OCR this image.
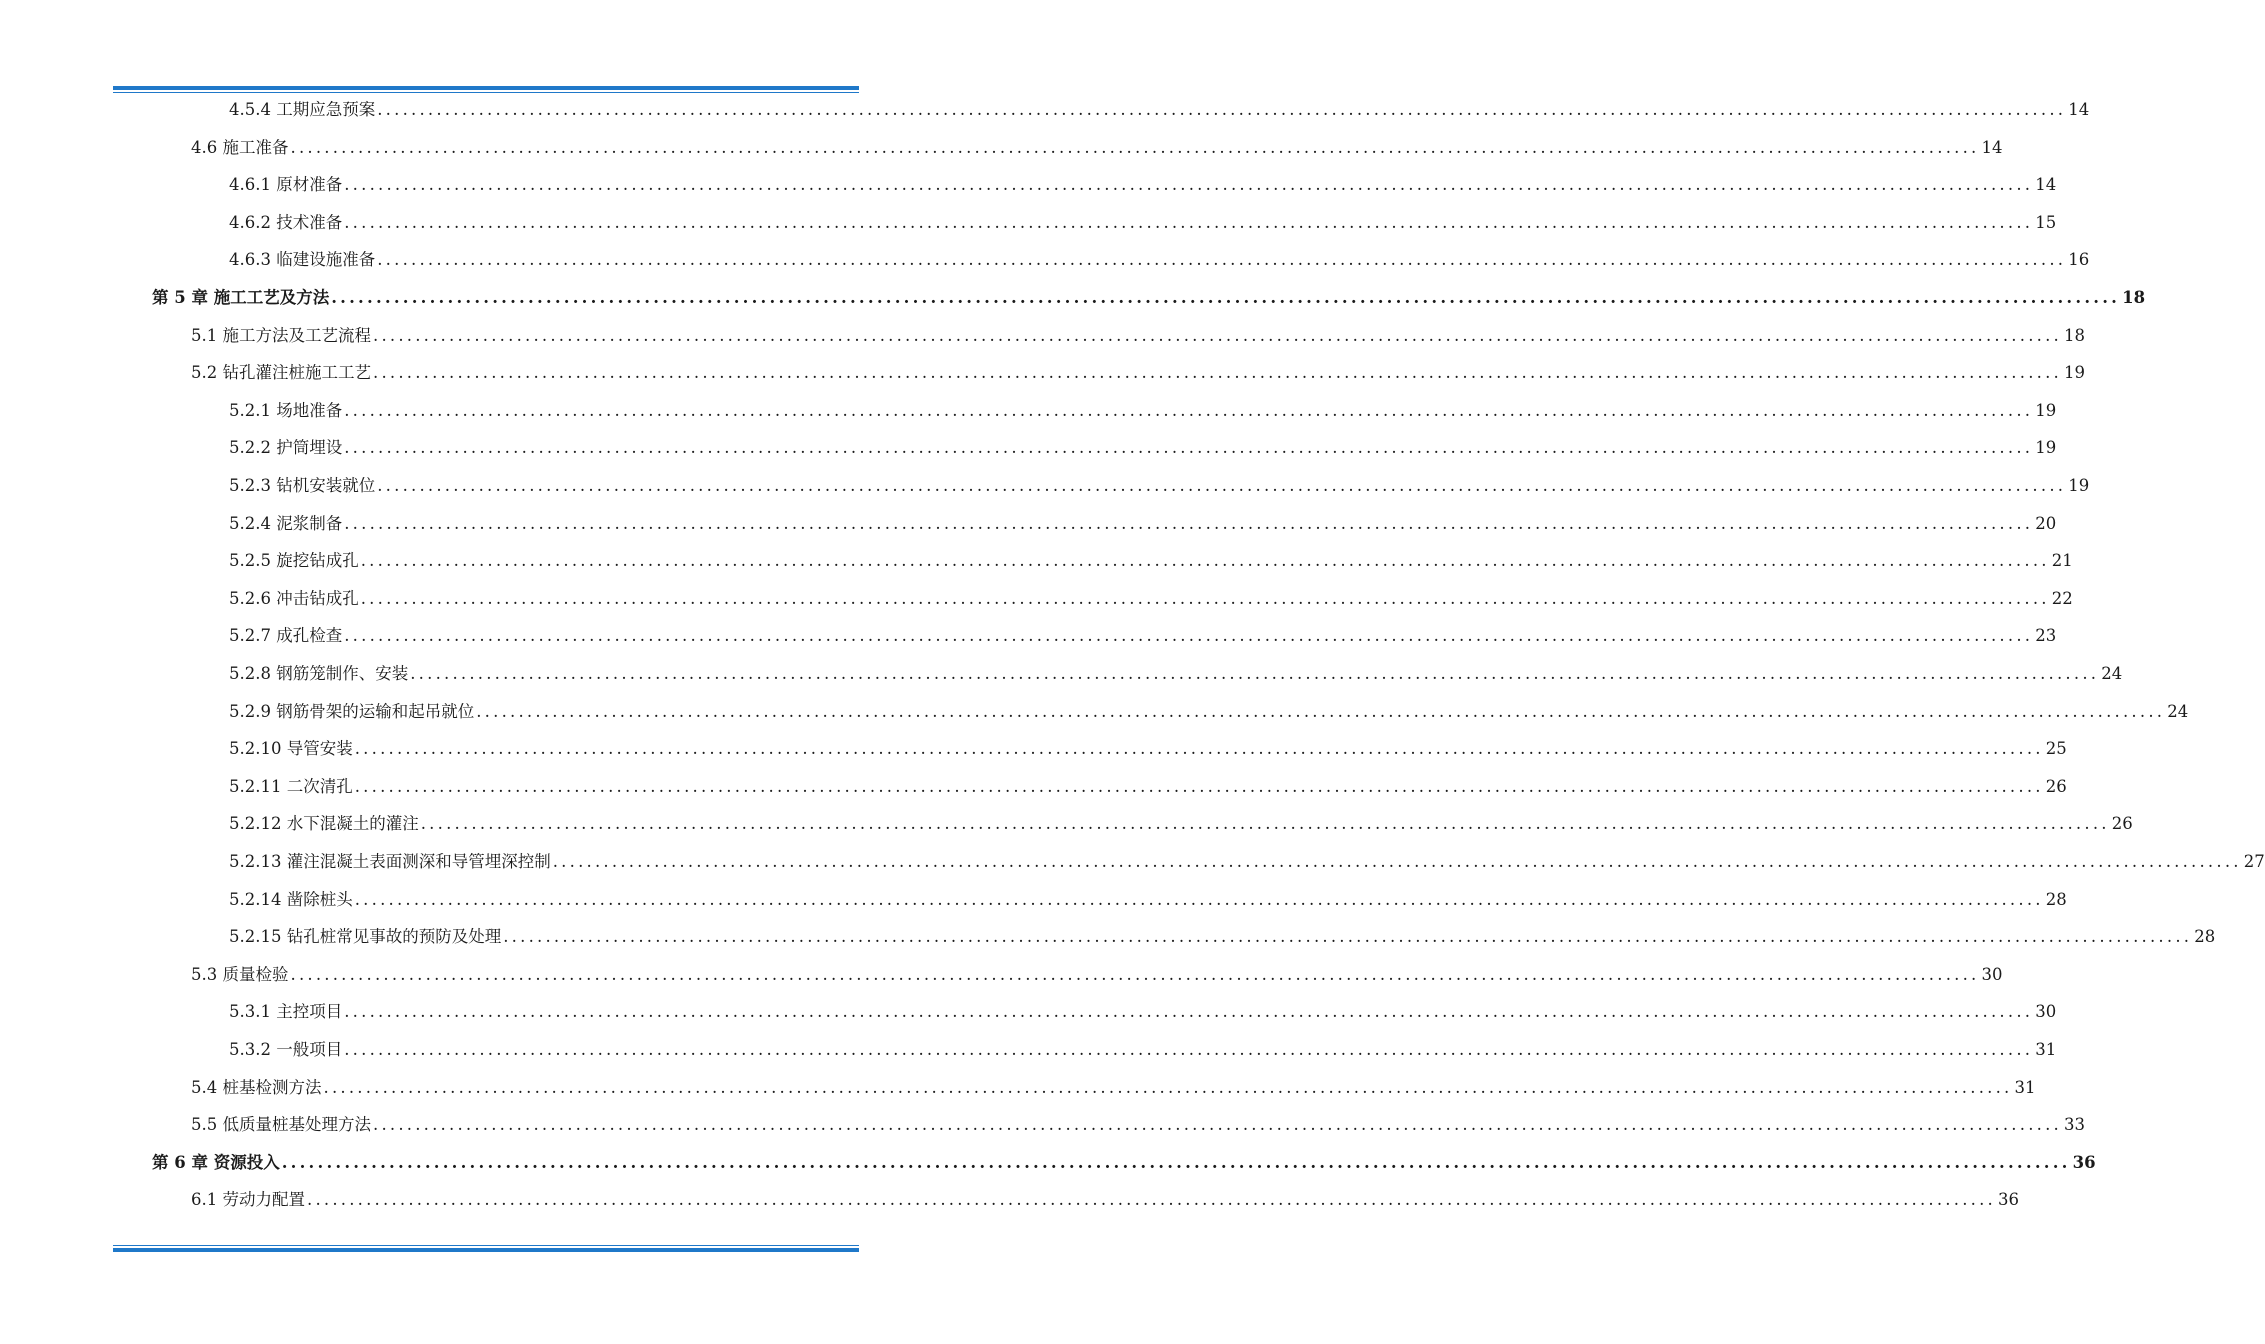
4.5.4 工期应急预案 ........................................................................................................................................................................................................ 14
4.6 施工准备 ........................................................................................................................................................................................................ 14
4.6.1 原材准备 ........................................................................................................................................................................................................ 14
4.6.2 技术准备 ........................................................................................................................................................................................................ 15
4.6.3 临建设施准备 ........................................................................................................................................................................................................ 16
第 5 章 施工工艺及方法 ........................................................................................................................................................................................................ 18
5.1 施工方法及工艺流程 ........................................................................................................................................................................................................ 18
5.2 钻孔灌注桩施工工艺 ........................................................................................................................................................................................................ 19
5.2.1 场地准备 ........................................................................................................................................................................................................ 19
5.2.2 护筒埋设 ........................................................................................................................................................................................................ 19
5.2.3 钻机安装就位 ........................................................................................................................................................................................................ 19
5.2.4 泥浆制备 ........................................................................................................................................................................................................ 20
5.2.5 旋挖钻成孔 ........................................................................................................................................................................................................ 21
5.2.6 冲击钻成孔 ........................................................................................................................................................................................................ 22
5.2.7 成孔检查 ........................................................................................................................................................................................................ 23
5.2.8 钢筋笼制作、安装 ........................................................................................................................................................................................................ 24
5.2.9 钢筋骨架的运输和起吊就位 ........................................................................................................................................................................................................ 24
5.2.10 导管安装 ........................................................................................................................................................................................................ 25
5.2.11 二次清孔 ........................................................................................................................................................................................................ 26
5.2.12 水下混凝土的灌注 ........................................................................................................................................................................................................ 26
5.2.13 灌注混凝土表面测深和导管埋深控制 ........................................................................................................................................................................................................ 27
5.2.14 凿除桩头 ........................................................................................................................................................................................................ 28
5.2.15 钻孔桩常见事故的预防及处理 ........................................................................................................................................................................................................ 28
5.3 质量检验 ........................................................................................................................................................................................................ 30
5.3.1 主控项目 ........................................................................................................................................................................................................ 30
5.3.2 一般项目 ........................................................................................................................................................................................................ 31
5.4 桩基检测方法 ........................................................................................................................................................................................................ 31
5.5 低质量桩基处理方法 ........................................................................................................................................................................................................ 33
第 6 章 资源投入 ........................................................................................................................................................................................................ 36
6.1 劳动力配置 ........................................................................................................................................................................................................ 36
